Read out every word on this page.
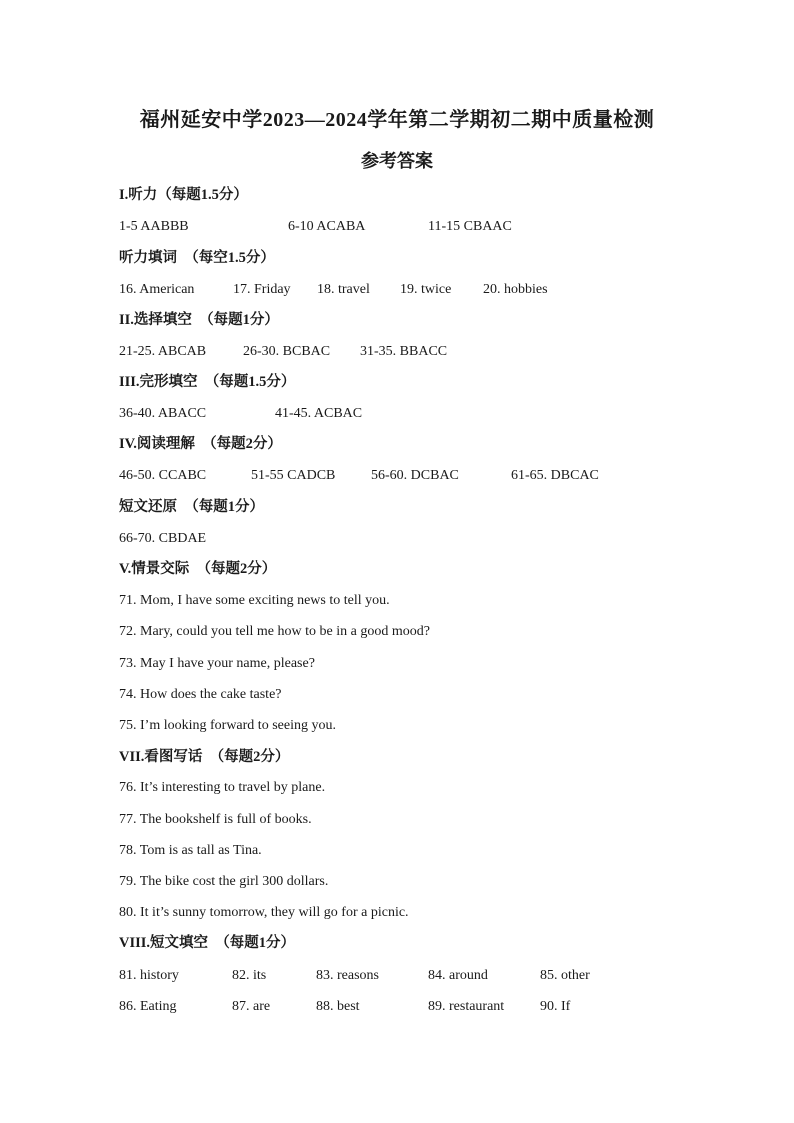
福州延安中学2023—2024学年第二学期初二期中质量检测
参考答案
I.听力（每题1.5分）
1-5 AABBB	6-10 ACABA	11-15 CBAAC
听力填词　（每空1.5分）
16. American	17. Friday 18. travel 19. twice 20. hobbies
II.选择填空　（每题1分）
21-25. ABCAB	26-30. BCBAC 31-35. BBACC
III.完形填空　（每题1.5分）
36-40. ABACC	41-45. ACBAC
IV.阅读理解　（每题2分）
46-50. CCABC	51-55 CADCB	56-60. DCBAC	61-65. DBCAC
短文还原　（每题1分）
66-70. CBDAE
V.情景交际　（每题2分）
71. Mom, I have some exciting news to tell you.
72. Mary, could you tell me how to be in a good mood?
73. May I have your name, please?
74. How does the cake taste?
75. I’m looking forward to seeing you.
VII.看图写话　（每题2分）
76. It’s interesting to travel by plane.
77. The bookshelf is full of books.
78. Tom is as tall as Tina.
79. The bike cost the girl 300 dollars.
80. It it’s sunny tomorrow, they will go for a picnic.
VIII.短文填空　（每题1分）
81. history	82. its	83. reasons	84. around	85. other
86. Eating	87. are	88. best	89. restaurant	90. If
